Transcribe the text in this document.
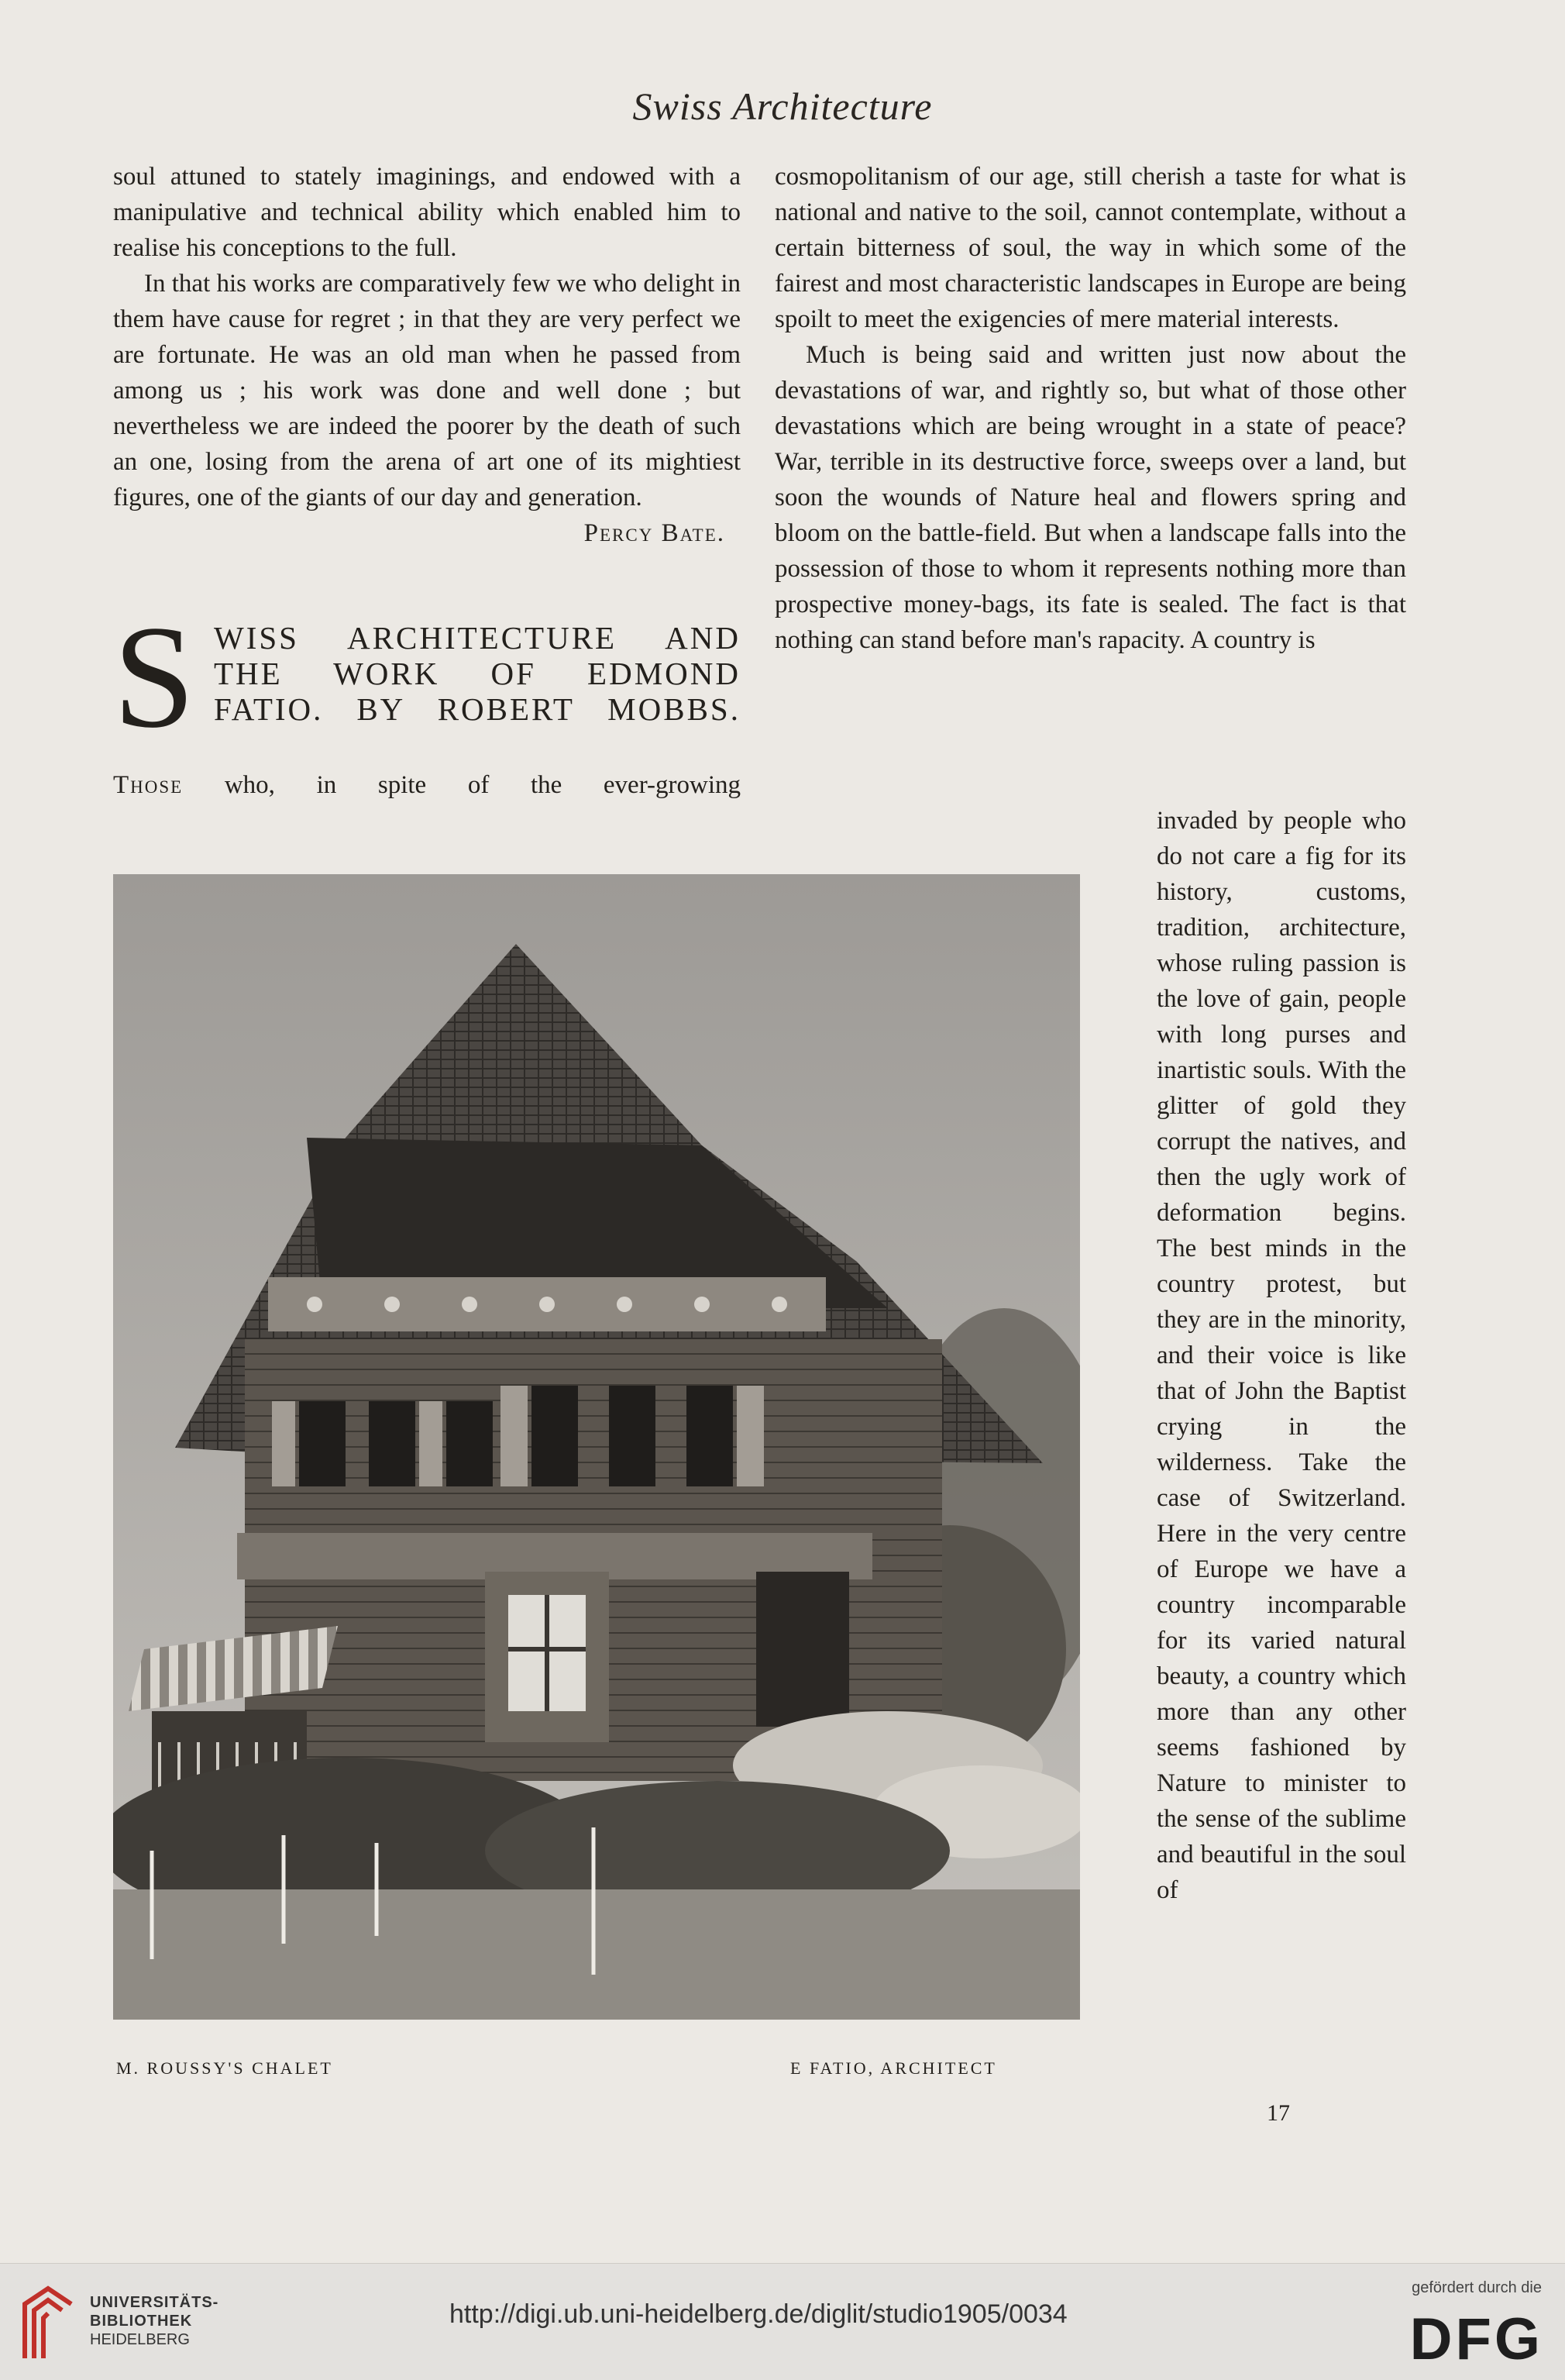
Swiss Architecture

soul attuned to stately imaginings, and endowed with a manipulative and technical ability which enabled him to realise his conceptions to the full.

In that his works are comparatively few we who delight in them have cause for regret ; in that they are very perfect we are fortunate. He was an old man when he passed from among us ; his work was done and well done ; but nevertheless we are indeed the poorer by the death of such an one, losing from the arena of art one of its mightiest figures, one of the giants of our day and generation.

Percy Bate.

S WISS ARCHITECTURE AND
THE WORK OF EDMOND
FATIO. BY ROBERT MOBBS.
Those who, in spite of the ever-growing

cosmopolitanism of our age, still cherish a taste for what is national and native to the soil, cannot contemplate, without a certain bitterness of soul, the way in which some of the fairest and most characteristic landscapes in Europe are being spoilt to meet the exigencies of mere material interests.

Much is being said and written just now about the devastations of war, and rightly so, but what of those other devastations which are being wrought in a state of peace? War, terrible in its destructive force, sweeps over a land, but soon the wounds of Nature heal and flowers spring and bloom on the battle-field. But when a landscape falls into the possession of those to whom it represents nothing more than prospective money-bags, its fate is sealed. The fact is that nothing can stand before man's rapacity. A country is

invaded by people who do not care a fig for its history, customs, tradition, architecture, whose ruling passion is the love of gain, people with long purses and inartistic souls. With the glitter of gold they corrupt the natives, and then the ugly work of deformation begins. The best minds in the country protest, but they are in the minority, and their voice is like that of John the Baptist crying in the wilderness. Take the case of Switzerland. Here in the very centre of Europe we have a country incomparable for its varied natural beauty, a country which more than any other seems fashioned by Nature to minister to the sense of the sublime and beautiful in the soul of
M. ROUSSY'S CHALET	E FATIO, ARCHITECT
17
UNIVERSITÄTS-
BIBLIOTHEK
HEIDELBERG
http://digi.ub.uni-heidelberg.de/diglit/studio1905/0034
gefördert durch die
DFG
